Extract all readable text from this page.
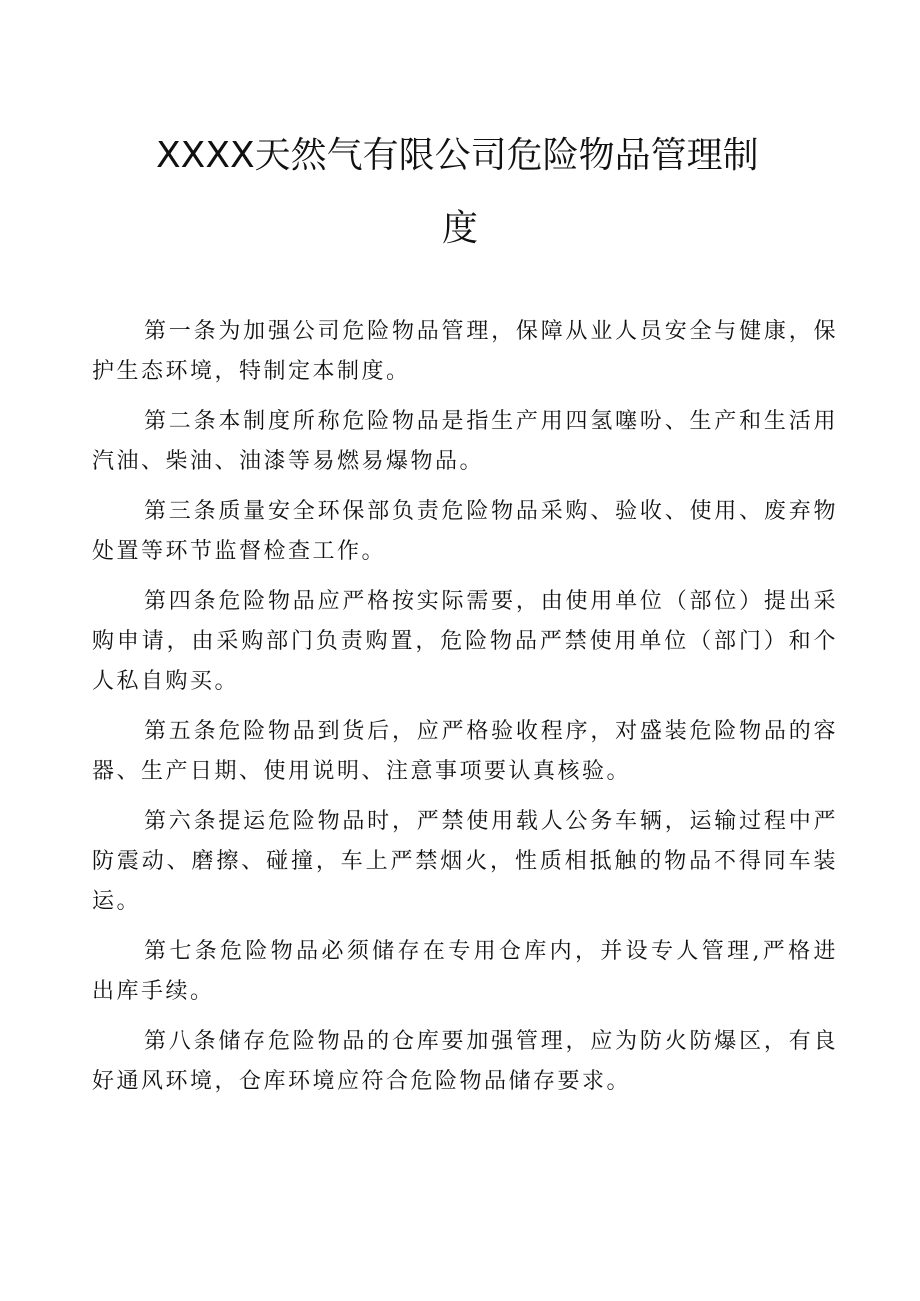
XXXX天然气有限公司危险物品管理制
度

第一条为加强公司危险物品管理，保障从业人员安全与健康，保护生态环境，特制定本制度。

第二条本制度所称危险物品是指生产用四氢噻吩、生产和生活用汽油、柴油、油漆等易燃易爆物品。

第三条质量安全环保部负责危险物品采购、验收、使用、废弃物处置等环节监督检查工作。

第四条危险物品应严格按实际需要，由使用单位（部位）提出采购申请，由采购部门负责购置，危险物品严禁使用单位（部门）和个人私自购买。

第五条危险物品到货后，应严格验收程序，对盛装危险物品的容器、生产日期、使用说明、注意事项要认真核验。

第六条提运危险物品时，严禁使用载人公务车辆，运输过程中严防震动、磨擦、碰撞，车上严禁烟火，性质相抵触的物品不得同车装运。

第七条危险物品必须储存在专用仓库内，并设专人管理,严格进出库手续。

第八条储存危险物品的仓库要加强管理，应为防火防爆区，有良好通风环境，仓库环境应符合危险物品储存要求。
